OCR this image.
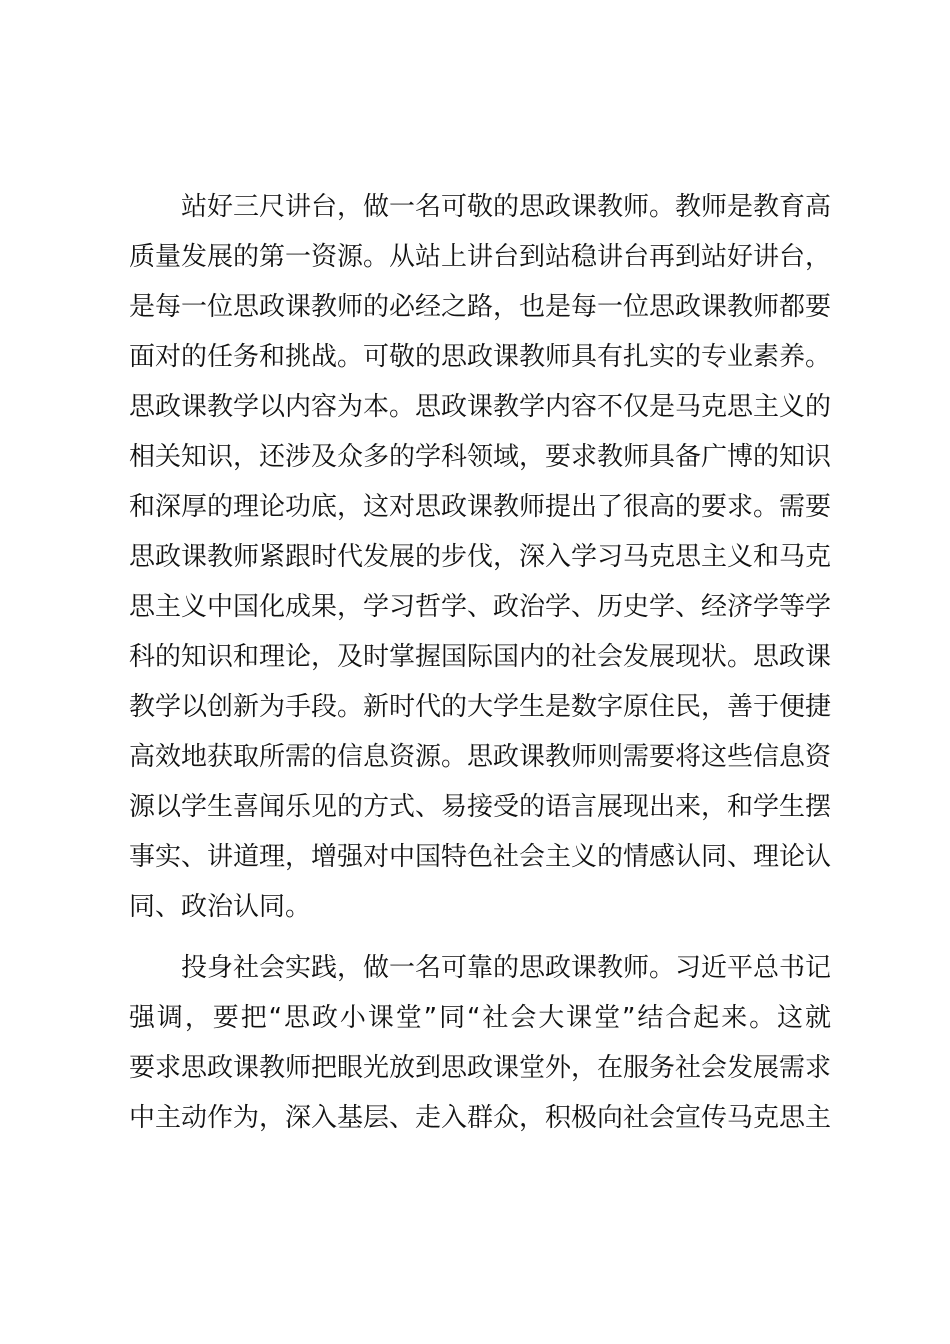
站好三尺讲台，做一名可敬的思政课教师。教师是教育高
质量发展的第一资源。从站上讲台到站稳讲台再到站好讲台，
是每一位思政课教师的必经之路，也是每一位思政课教师都要
面对的任务和挑战。可敬的思政课教师具有扎实的专业素养。
思政课教学以内容为本。思政课教学内容不仅是马克思主义的
相关知识，还涉及众多的学科领域，要求教师具备广博的知识
和深厚的理论功底，这对思政课教师提出了很高的要求。需要
思政课教师紧跟时代发展的步伐，深入学习马克思主义和马克
思主义中国化成果，学习哲学、政治学、历史学、经济学等学
科的知识和理论，及时掌握国际国内的社会发展现状。思政课
教学以创新为手段。新时代的大学生是数字原住民，善于便捷
高效地获取所需的信息资源。思政课教师则需要将这些信息资
源以学生喜闻乐见的方式、易接受的语言展现出来，和学生摆
事实、讲道理，增强对中国特色社会主义的情感认同、理论认
同、政治认同。
投身社会实践，做一名可靠的思政课教师。习近平总书记
强调，要把“思政小课堂”同“社会大课堂”结合起来。这就
要求思政课教师把眼光放到思政课堂外，在服务社会发展需求
中主动作为，深入基层、走入群众，积极向社会宣传马克思主
